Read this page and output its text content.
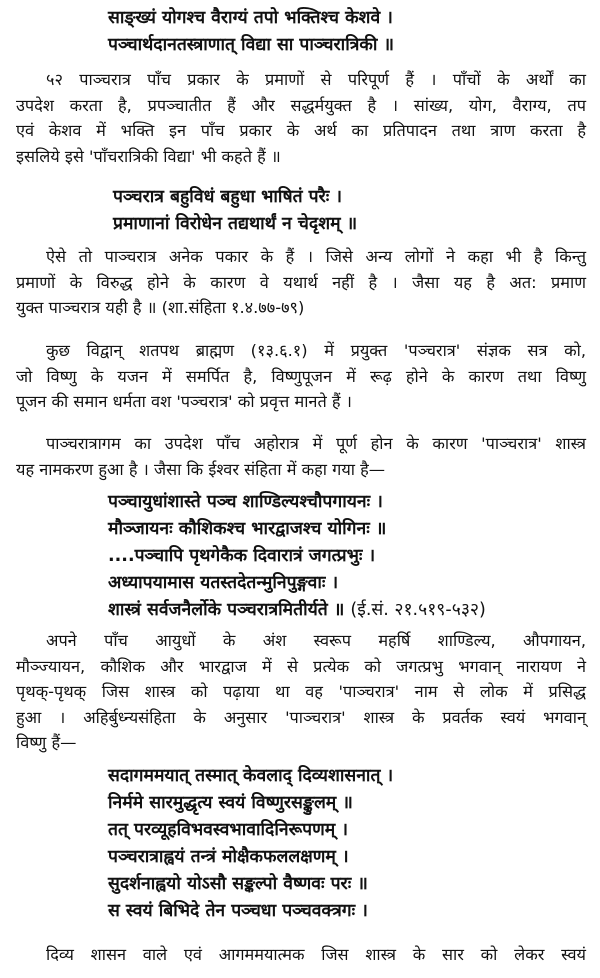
साङ्ख्यं योगश्च वैराग्यं तपो भक्तिश्च केशवे ।
पञ्चार्थदानतस्त्राणात् विद्या सा पाञ्चरात्रिकी ॥
५२ पाञ्चरात्र पाँच प्रकार के प्रमाणों से परिपूर्ण हैं । पाँचों के अर्थों का
उपदेश करता है, प्रपञ्चातीत हैं और सद्धर्मयुक्त है । सांख्य, योग, वैराग्य, तप
एवं केशव में भक्ति इन पाँच प्रकार के अर्थ का प्रतिपादन तथा त्राण करता है
इसलिये इसे 'पाँचरात्रिकी विद्या' भी कहते हैं ॥
पञ्चरात्र बहुविधं बहुधा भाषितं परैः ।
प्रमाणानां विरोधेन तद्यथार्थं न चेदृशम् ॥
ऐसे तो पाञ्चरात्र अनेक पकार के हैं । जिसे अन्य लोगों ने कहा भी है किन्तु
प्रमाणों के विरुद्ध होने के कारण वे यथार्थ नहीं है । जैसा यह है अत: प्रमाण
युक्त पाञ्चरात्र यही है ॥ (शा.संहिता १.४.७७-७९)
कुछ विद्वान् शतपथ ब्राह्मण (१३.६.१) में प्रयुक्त 'पञ्चरात्र' संज्ञक सत्र को,
जो विष्णु के यजन में समर्पित है, विष्णुपूजन में रूढ़ होने के कारण तथा विष्णु
पूजन की समान धर्मता वश 'पञ्चरात्र' को प्रवृत्त मानते हैं ।
पाञ्चरात्रागम का उपदेश पाँच अहोरात्र में पूर्ण होन के कारण 'पाञ्चरात्र' शास्त्र
यह नामकरण हुआ है । जैसा कि ईश्वर संहिता में कहा गया है—
पञ्चायुधांशास्ते पञ्च शाण्डिल्यश्चौपगायनः ।
मौञ्जायनः कौशिकश्च भारद्वाजश्च योगिनः ॥
....पञ्चापि पृथगेकैक दिवारात्रं जगत्प्रभुः ।
अध्यापयामास यतस्तदेतन्मुनिपुङ्गवाः ।
शास्त्रं सर्वजनैर्लोके पञ्चरात्रमितीर्यते ॥ (ई.सं. २१.५१९-५३२)
अपने पाँच आयुधों के अंश स्वरूप महर्षि शाण्डिल्य, औपगायन,
मौञ्ज्यायन, कौशिक और भारद्वाज में से प्रत्येक को जगत्प्रभु भगवान् नारायण ने
पृथक्-पृथक् जिस शास्त्र को पढ़ाया था वह 'पाञ्चरात्र' नाम से लोक में प्रसिद्ध
हुआ । अहिर्बुध्न्यसंहिता के अनुसार 'पाञ्चरात्र' शास्त्र के प्रवर्तक स्वयं भगवान्
विष्णु हैं—
सदागममयात् तस्मात् केवलाद् दिव्यशासनात् ।
निर्ममे सारमुद्धृत्य स्वयं विष्णुरसङ्कुलम् ॥
तत् परव्यूहविभवस्वभावादिनिरूपणम् ।
पञ्चरात्राह्वयं तन्त्रं मोक्षैकफललक्षणम् ।
सुदर्शनाह्वयो योऽसौ सङ्कल्पो वैष्णवः परः ॥
स स्वयं बिभिदे तेन पञ्चधा पञ्चवक्त्रगः ।
दिव्य शासन वाले एवं आगममयात्मक जिस शास्त्र के सार को लेकर स्वयं
